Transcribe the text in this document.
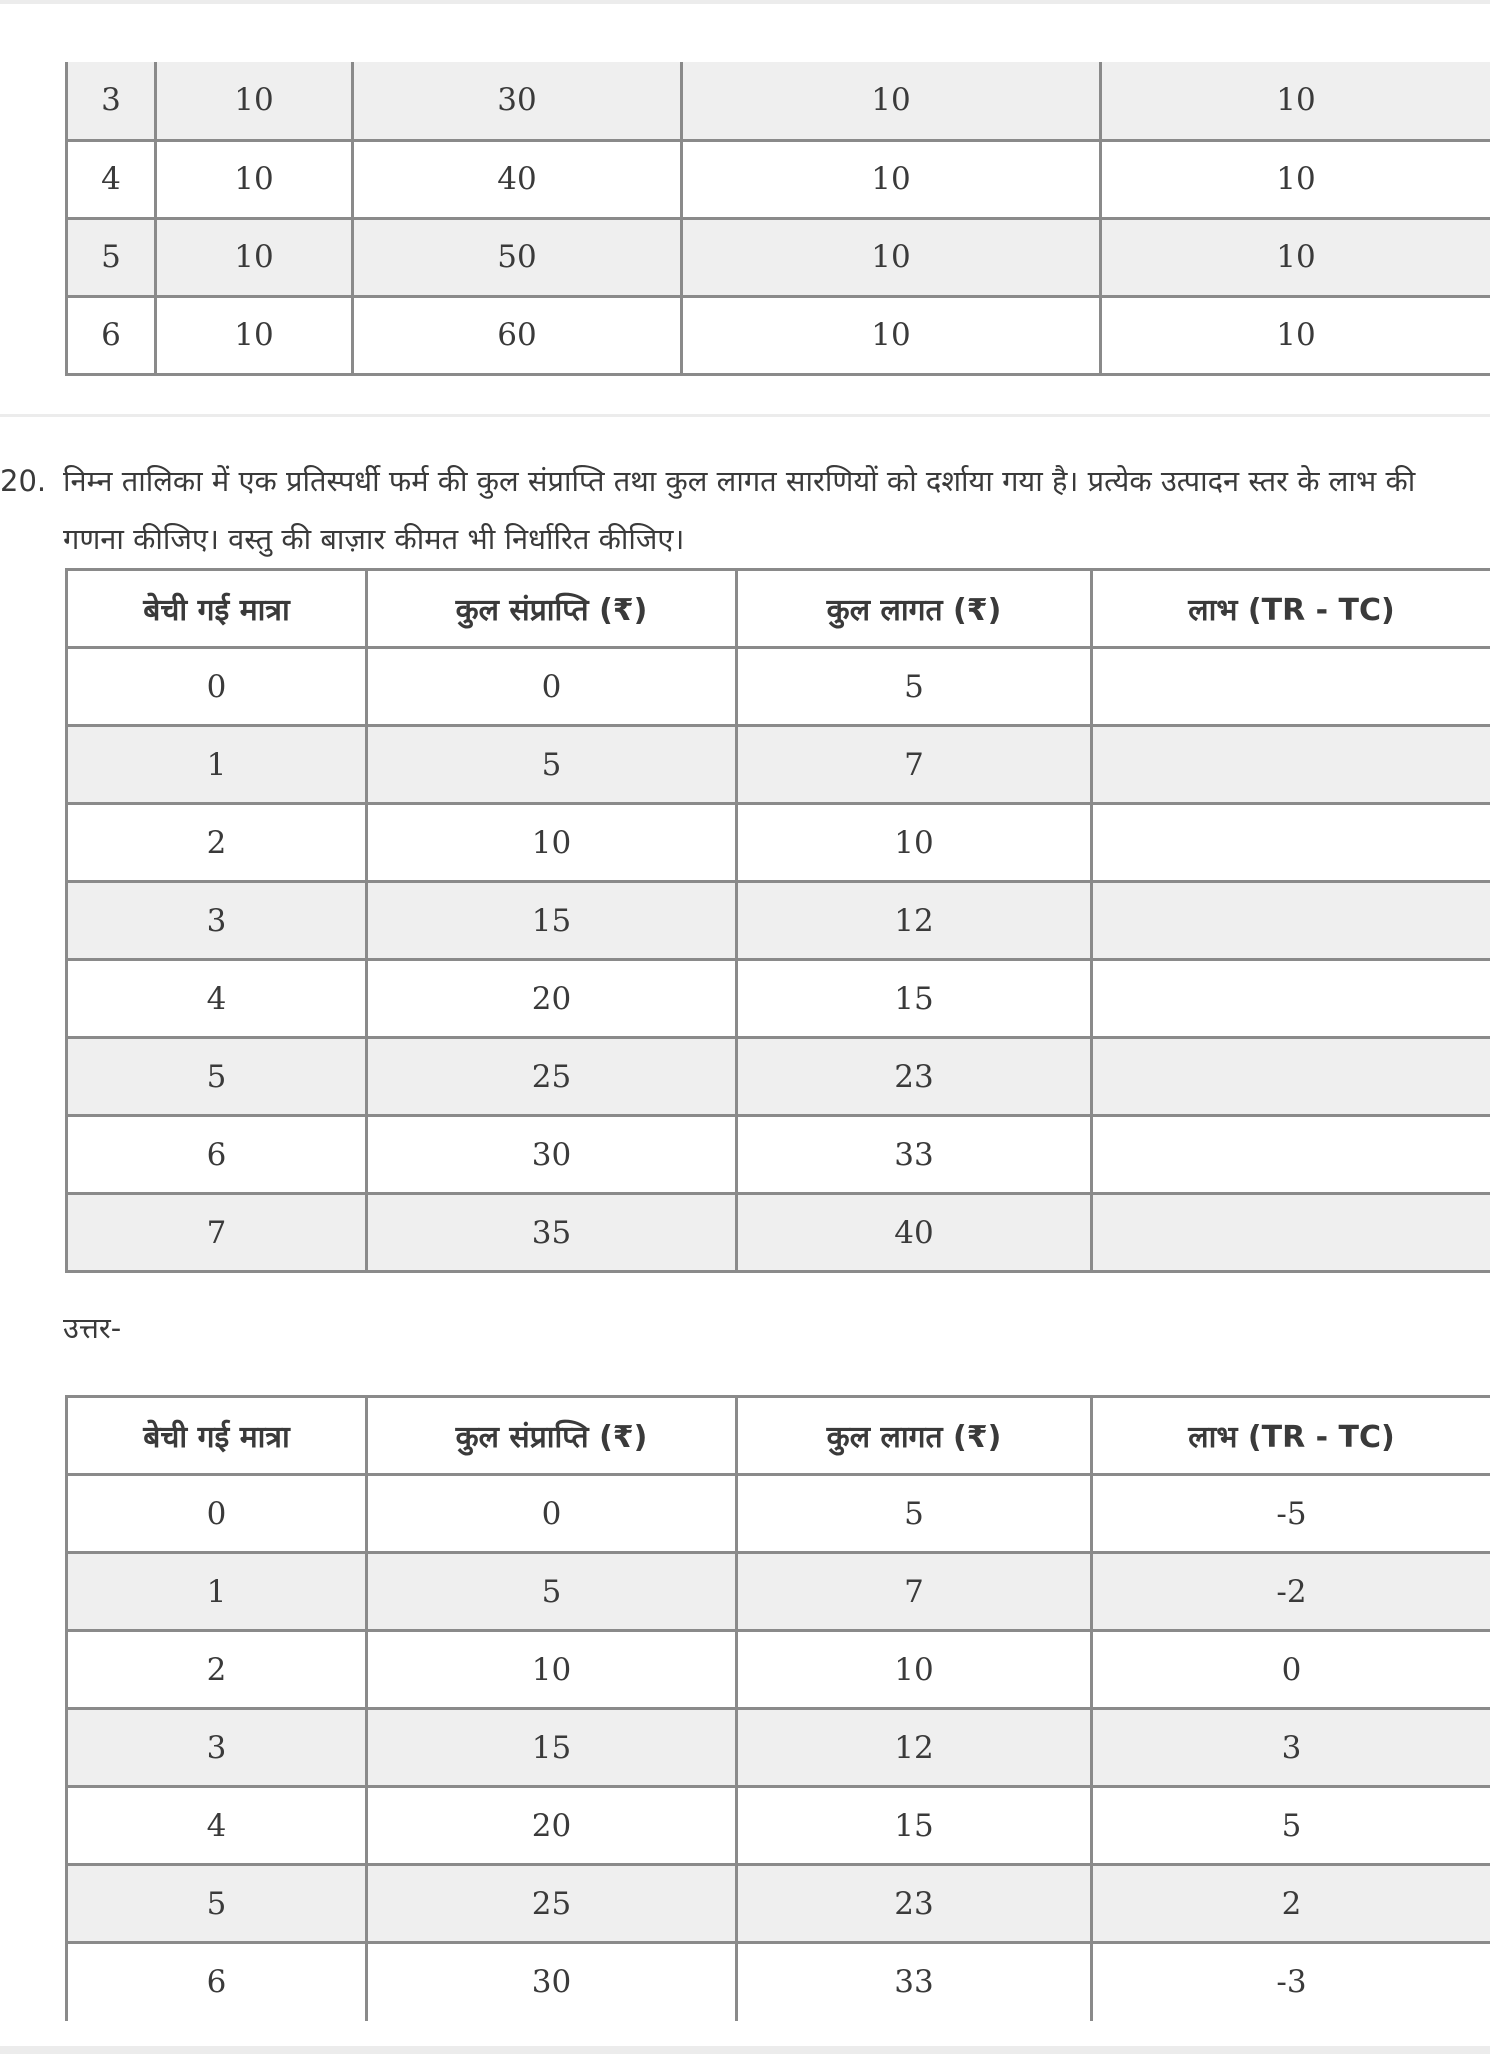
3	10	30	10	10
4	10	40	10	10
5	10	50	10	10
6	10	60	10	10
20. निम्न तालिका में एक प्रतिस्पर्धी फर्म की कुल संप्राप्ति तथा कुल लागत सारणियों को दर्शाया गया है। प्रत्येक उत्पादन स्तर के लाभ की गणना कीजिए। वस्तु की बाज़ार कीमत भी निर्धारित कीजिए।
बेची गई मात्रा	कुल संप्राप्ति (₹)	कुल लागत (₹)	लाभ (TR - TC)
0	0	5	
1	5	7	
2	10	10	
3	15	12	
4	20	15	
5	25	23	
6	30	33	
7	35	40	
उत्तर-
बेची गई मात्रा	कुल संप्राप्ति (₹)	कुल लागत (₹)	लाभ (TR - TC)
0	0	5	-5
1	5	7	-2
2	10	10	0
3	15	12	3
4	20	15	5
5	25	23	2
6	30	33	-3
